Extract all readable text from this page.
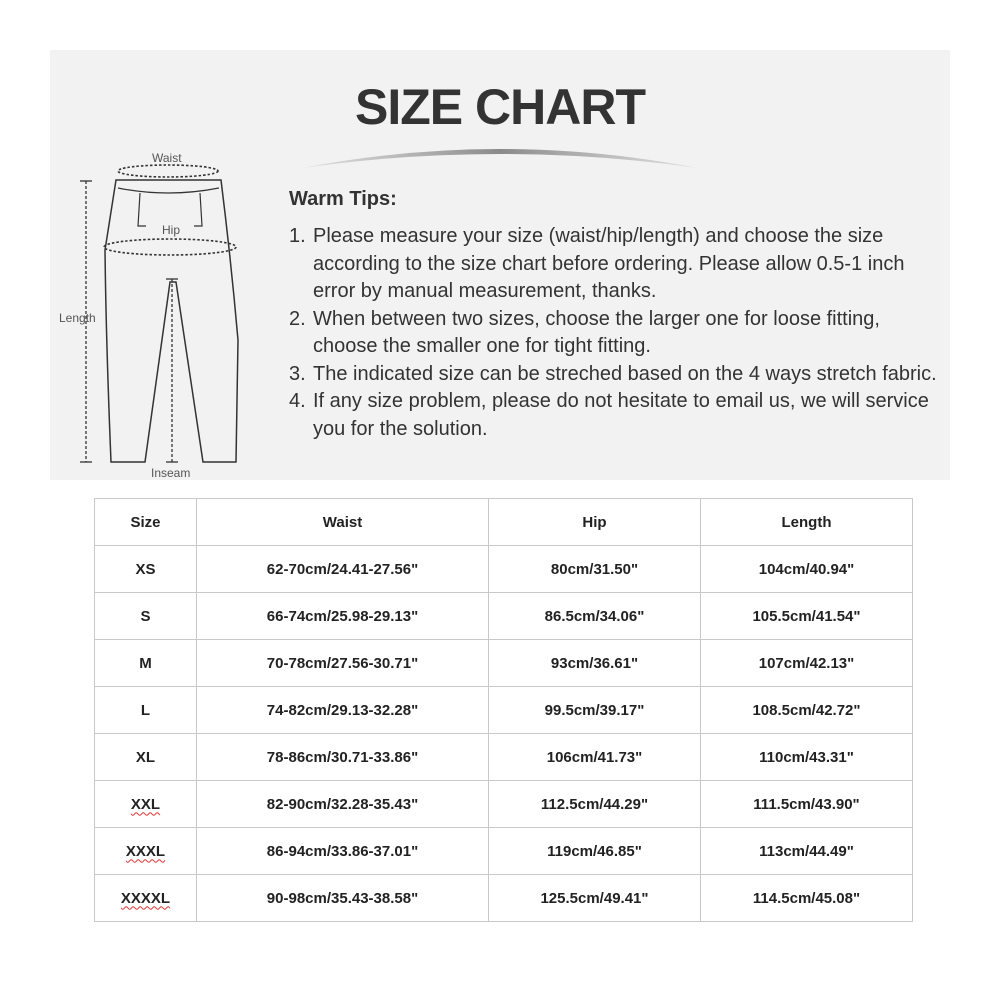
SIZE CHART
Waist
Hip
Length
Inseam
Warm Tips:
1. Please measure your size (waist/hip/length) and choose the size according to the size chart before ordering. Please allow 0.5-1 inch error by manual measurement, thanks.
2. When between two sizes, choose the larger one for loose fitting, choose the smaller one for tight fitting.
3. The indicated size can be streched based on the 4 ways stretch fabric.
4. If any size problem, please do not hesitate to email us, we will service you for the solution.
Size	Waist	Hip	Length
XS	62-70cm/24.41-27.56"	80cm/31.50"	104cm/40.94"
S	66-74cm/25.98-29.13"	86.5cm/34.06"	105.5cm/41.54"
M	70-78cm/27.56-30.71"	93cm/36.61"	107cm/42.13"
L	74-82cm/29.13-32.28"	99.5cm/39.17"	108.5cm/42.72"
XL	78-86cm/30.71-33.86"	106cm/41.73"	110cm/43.31"
XXL	82-90cm/32.28-35.43"	112.5cm/44.29"	111.5cm/43.90"
XXXL	86-94cm/33.86-37.01"	119cm/46.85"	113cm/44.49"
XXXXL	90-98cm/35.43-38.58"	125.5cm/49.41"	114.5cm/45.08"
